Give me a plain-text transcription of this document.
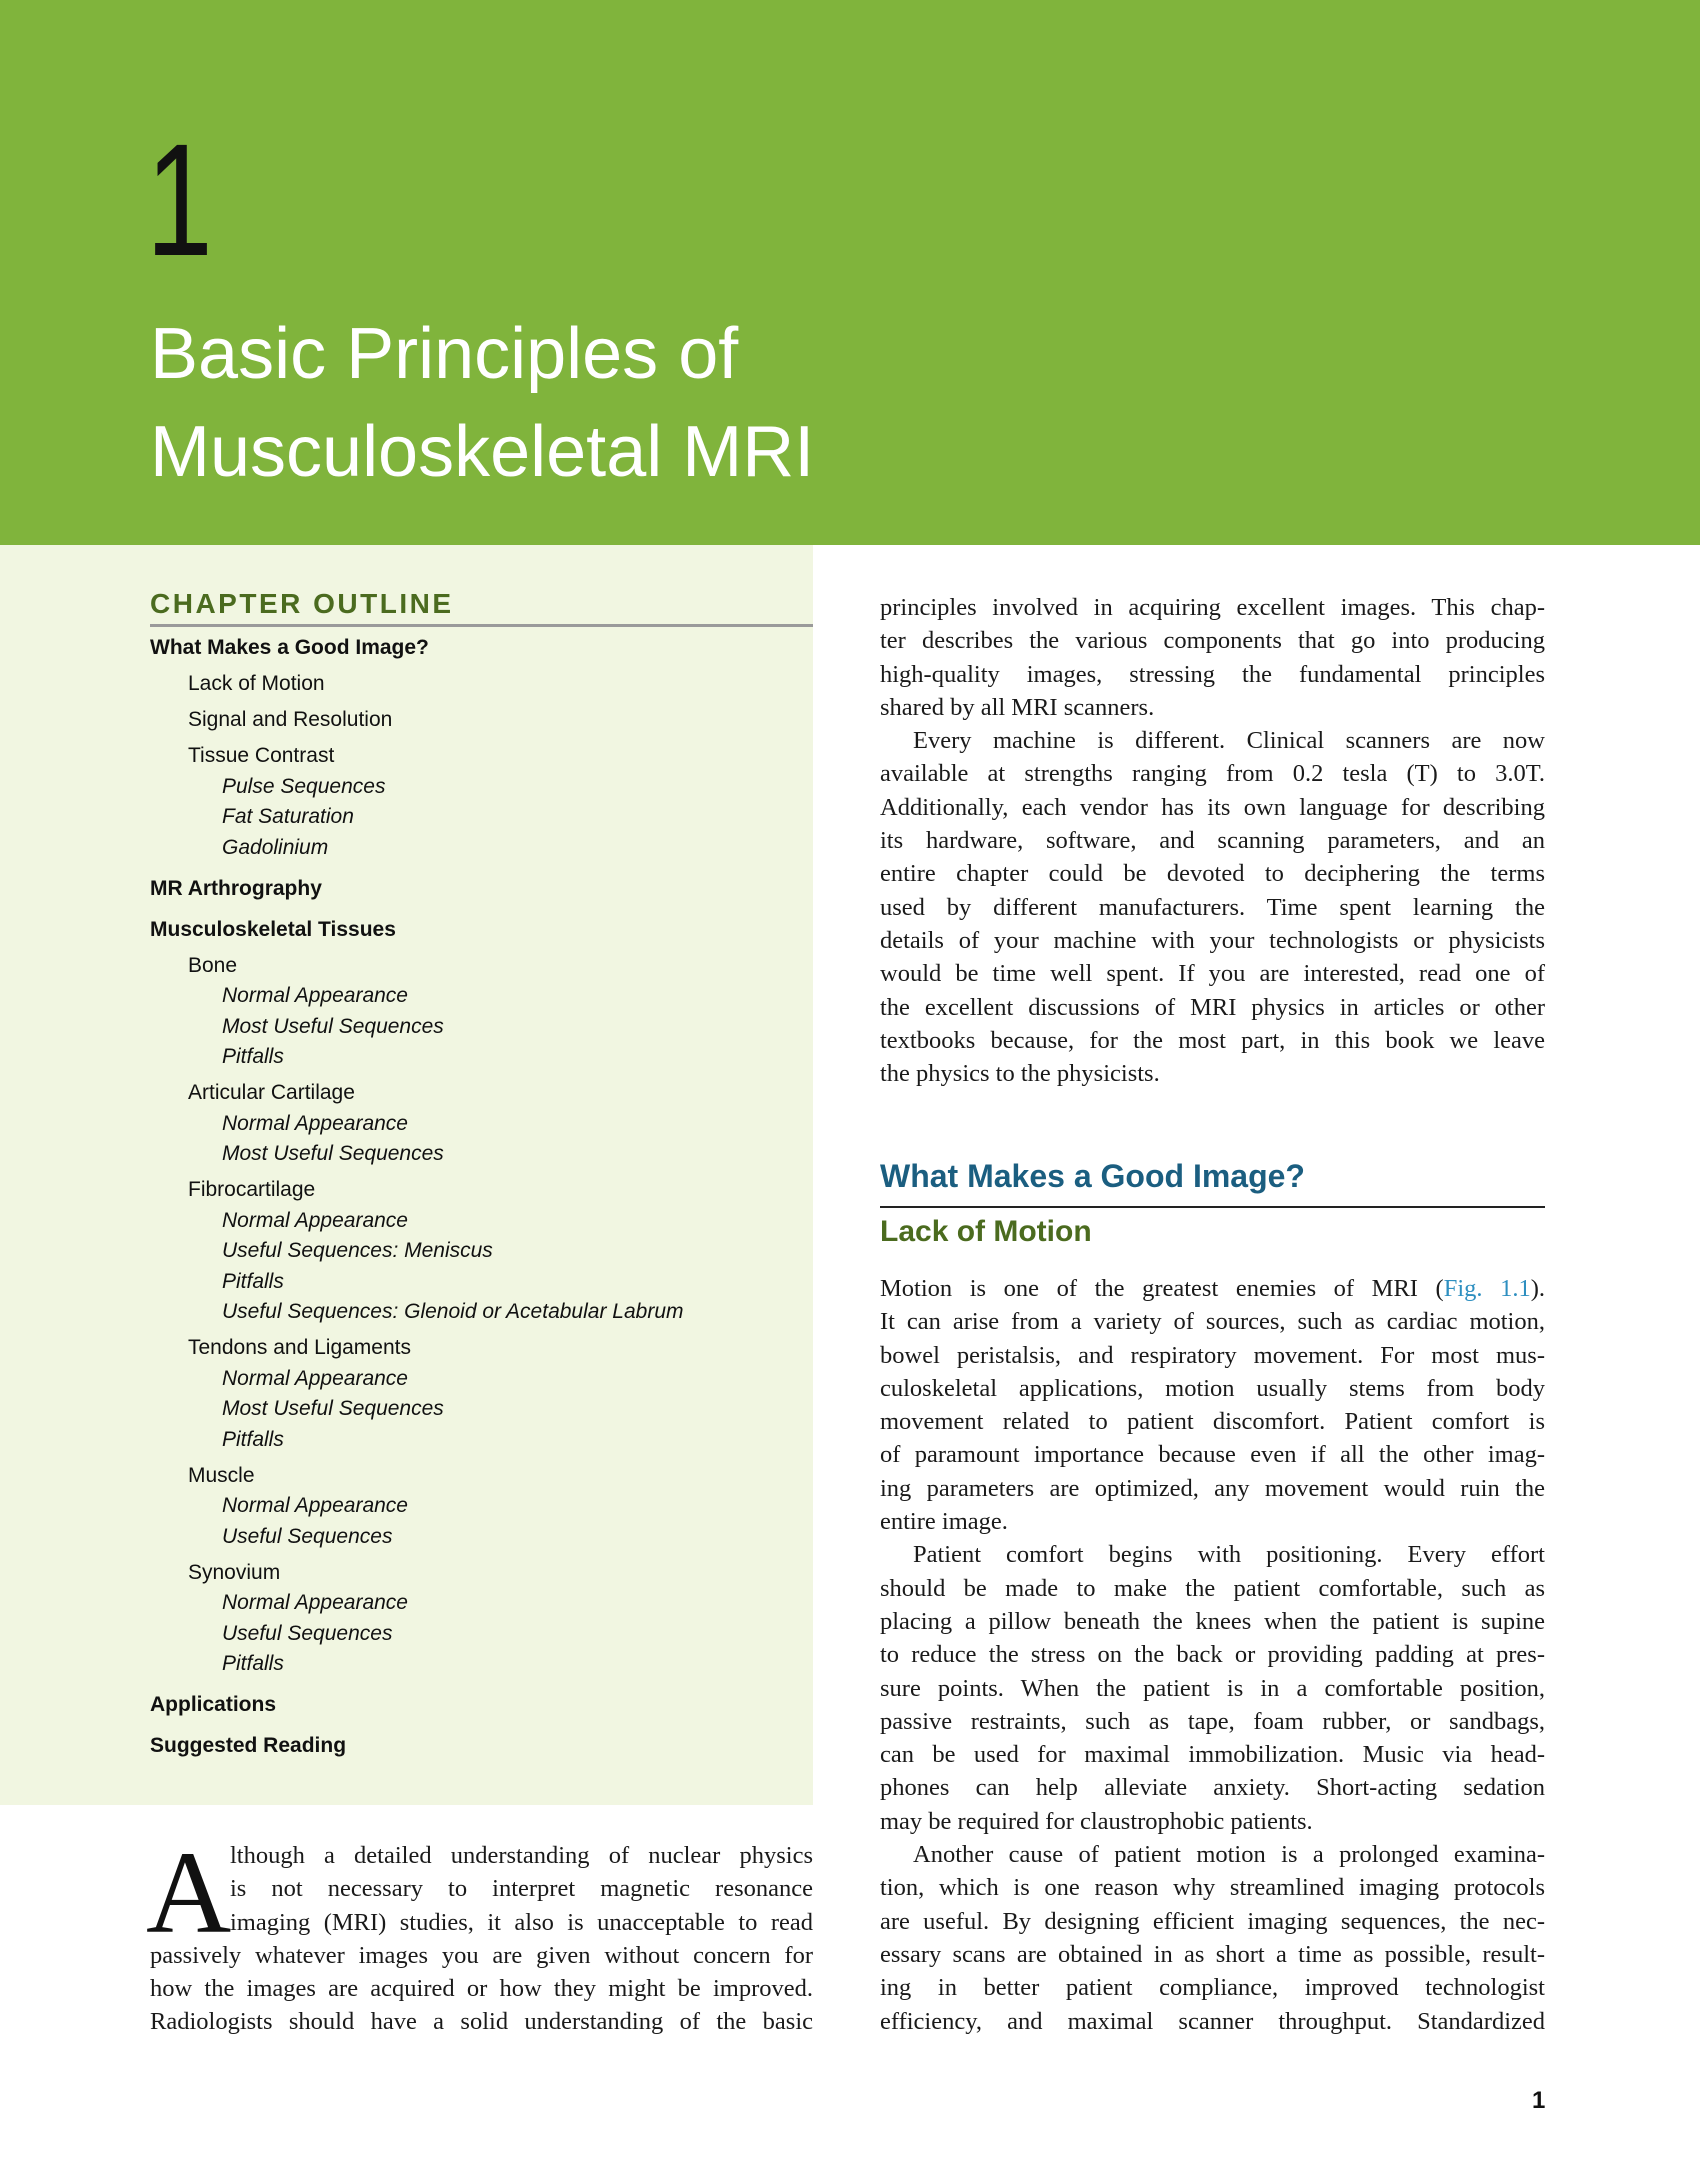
1
Basic Principles of
Musculoskeletal MRI
CHAPTER OUTLINE
What Makes a Good Image?
Lack of Motion
Signal and Resolution
Tissue Contrast
Pulse Sequences
Fat Saturation
Gadolinium
MR Arthrography
Musculoskeletal Tissues
Bone
Normal Appearance
Most Useful Sequences
Pitfalls
Articular Cartilage
Normal Appearance
Most Useful Sequences
Fibrocartilage
Normal Appearance
Useful Sequences: Meniscus
Pitfalls
Useful Sequences: Glenoid or Acetabular Labrum
Tendons and Ligaments
Normal Appearance
Most Useful Sequences
Pitfalls
Muscle
Normal Appearance
Useful Sequences
Synovium
Normal Appearance
Useful Sequences
Pitfalls
Applications
Suggested Reading
A
lthough a detailed understanding of nuclear physics
is not necessary to interpret magnetic resonance
imaging (MRI) studies, it also is unacceptable to read
passively whatever images you are given without concern for
how the images are acquired or how they might be improved.
Radiologists should have a solid understanding of the basic
principles involved in acquiring excellent images. This chap-
ter describes the various components that go into producing
high-quality images, stressing the fundamental principles
shared by all MRI scanners.
Every machine is different. Clinical scanners are now
available at strengths ranging from 0.2 tesla (T) to 3.0T.
Additionally, each vendor has its own language for describing
its hardware, software, and scanning parameters, and an
entire chapter could be devoted to deciphering the terms
used by different manufacturers. Time spent learning the
details of your machine with your technologists or physicists
would be time well spent. If you are interested, read one of
the excellent discussions of MRI physics in articles or other
textbooks because, for the most part, in this book we leave
the physics to the physicists.
What Makes a Good Image?
Lack of Motion
Motion is one of the greatest enemies of MRI (Fig. 1.1).
It can arise from a variety of sources, such as cardiac motion,
bowel peristalsis, and respiratory movement. For most mus-
culoskeletal applications, motion usually stems from body
movement related to patient discomfort. Patient comfort is
of paramount importance because even if all the other imag-
ing parameters are optimized, any movement would ruin the
entire image.
Patient comfort begins with positioning. Every effort
should be made to make the patient comfortable, such as
placing a pillow beneath the knees when the patient is supine
to reduce the stress on the back or providing padding at pres-
sure points. When the patient is in a comfortable position,
passive restraints, such as tape, foam rubber, or sandbags,
can be used for maximal immobilization. Music via head-
phones can help alleviate anxiety. Short-acting sedation
may be required for claustrophobic patients.
Another cause of patient motion is a prolonged examina-
tion, which is one reason why streamlined imaging protocols
are useful. By designing efficient imaging sequences, the nec-
essary scans are obtained in as short a time as possible, result-
ing in better patient compliance, improved technologist
efficiency, and maximal scanner throughput. Standardized
1
